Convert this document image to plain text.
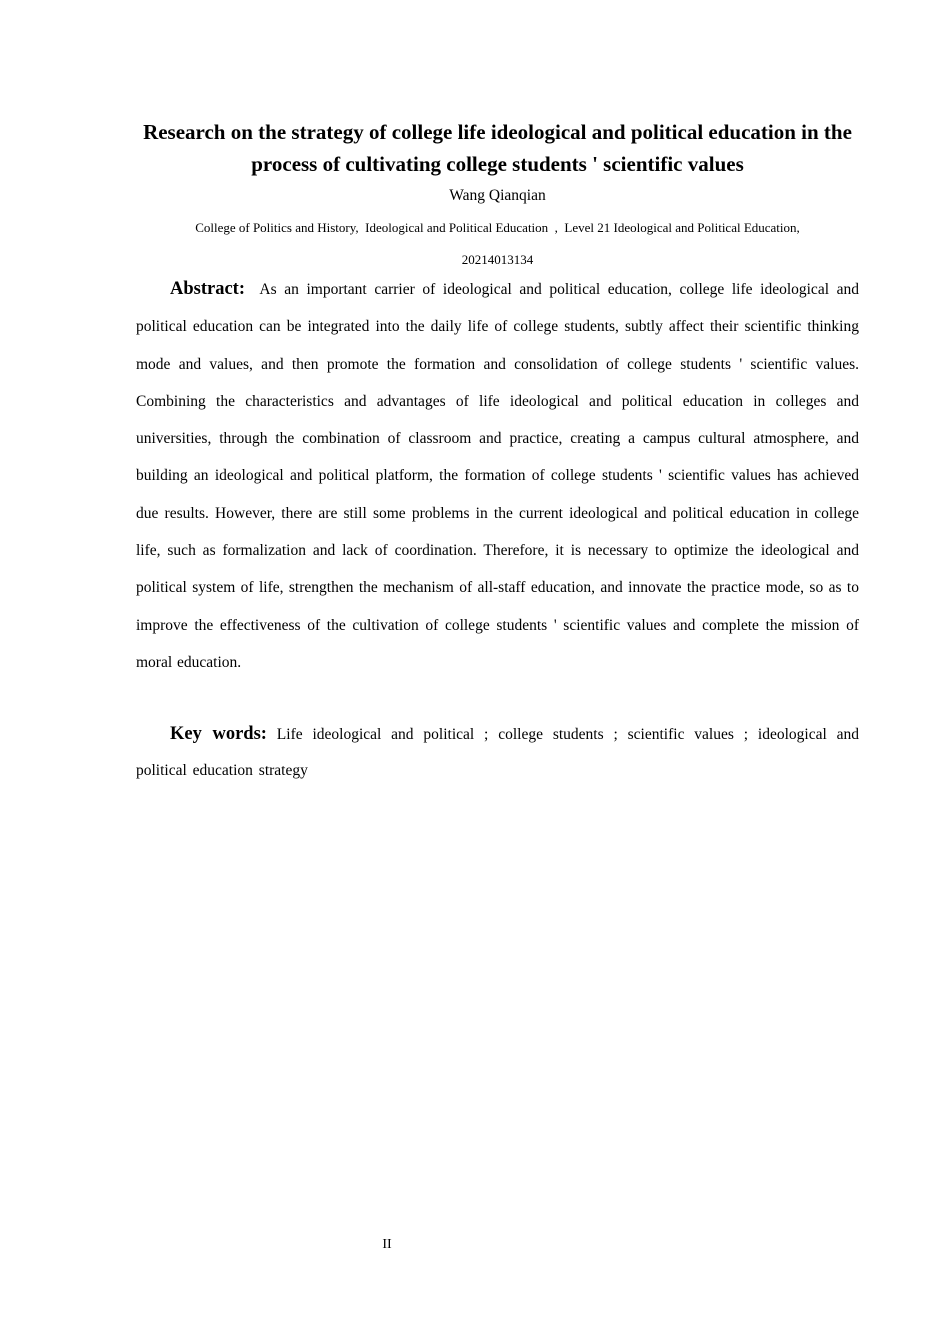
Research on the strategy of college life ideological and political education in the process of cultivating college students ' scientific values

Wang Qianqian

College of Politics and History,  Ideological and Political Education  ,  Level 21 Ideological and Political Education,

20214013134

Abstract: As an important carrier of ideological and political education, college life ideological and political education can be integrated into the daily life of college students, subtly affect their scientific thinking mode and values, and then promote the formation and consolidation of college students ' scientific values. Combining the characteristics and advantages of life ideological and political education in colleges and universities, through the combination of classroom and practice, creating a campus cultural atmosphere, and building an ideological and political platform, the formation of college students ' scientific values has achieved due results. However, there are still some problems in the current ideological and political education in college life, such as formalization and lack of coordination. Therefore, it is necessary to optimize the ideological and political system of life, strengthen the mechanism of all-staff education, and innovate the practice mode, so as to improve the effectiveness of the cultivation of college students ' scientific values and complete the mission of moral education.

Key words: Life ideological and political ; college students ; scientific values ; ideological and political education strategy

II
